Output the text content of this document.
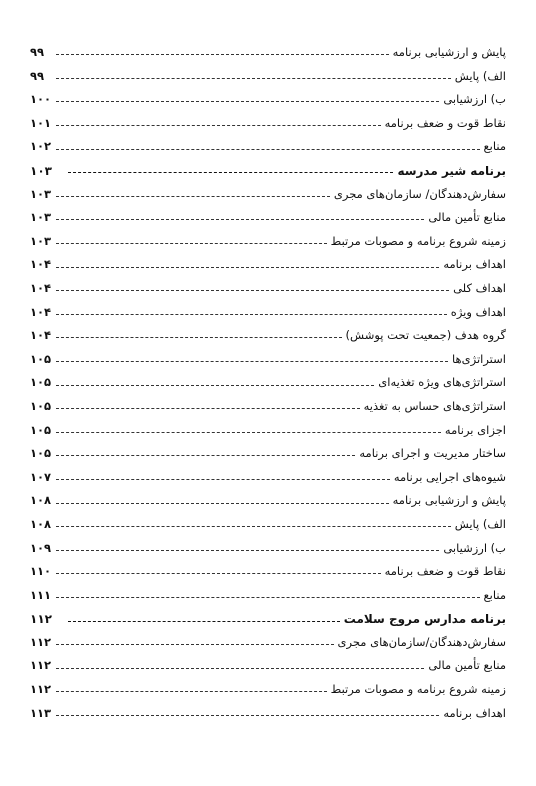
پایش و ارزشیابی برنامه
۹۹
الف) پایش
۹۹
ب) ارزشیابی
۱۰۰
نقاط قوت و ضعف برنامه
۱۰۱
منابع
۱۰۲
برنامه شیر مدرسه
۱۰۳
سفارش‌دهندگان/ سازمان‌های مجری
۱۰۳
منابع تأمین مالی
۱۰۳
زمینه شروع برنامه و مصوبات مرتبط
۱۰۳
اهداف برنامه
۱۰۴
اهداف کلی
۱۰۴
اهداف ویژه
۱۰۴
گروه هدف (جمعیت تحت پوشش)
۱۰۴
استراتژی‌ها
۱۰۵
استراتژی‌های ویژه تغذیه‌ای
۱۰۵
استراتژی‌های حساس به تغذیه
۱۰۵
اجزای برنامه
۱۰۵
ساختار مدیریت و اجرای برنامه
۱۰۵
شیوه‌های اجرایی برنامه
۱۰۷
پایش و ارزشیابی برنامه
۱۰۸
الف) پایش
۱۰۸
ب) ارزشیابی
۱۰۹
نقاط قوت و ضعف برنامه
۱۱۰
منابع
۱۱۱
برنامه مدارس مروج سلامت
۱۱۲
سفارش‌دهندگان/سازمان‌های مجری
۱۱۲
منابع تأمین مالی
۱۱۲
زمینه شروع برنامه و مصوبات مرتبط
۱۱۲
اهداف برنامه
۱۱۳
